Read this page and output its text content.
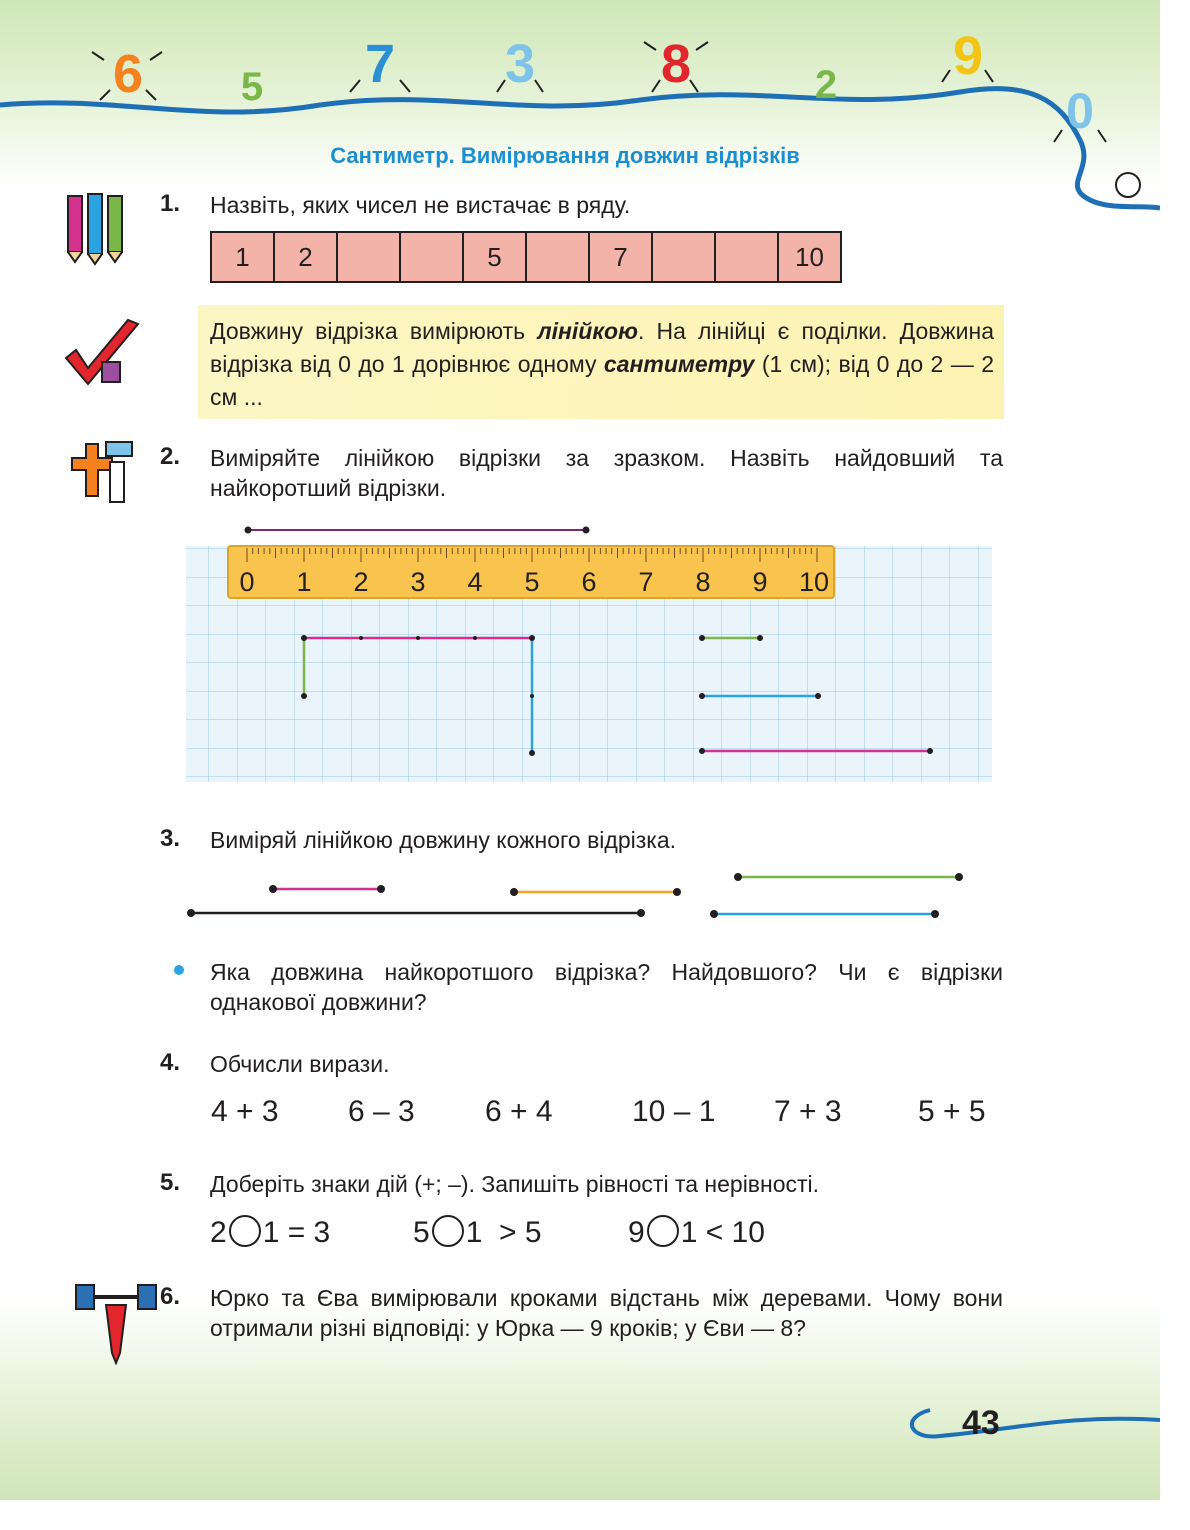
6 5 7 3 8	2 9
0
Сантиметр. Вимірювання довжин відрізків
1. Назвіть, яких чисел не вистачає в ряду.
1	2			5		7			10
Довжину відрізка вимірюють лінійкою. На лінійці є поділки. Довжина відрізка від 0 до 1 дорівнює одному сантиметру (1 см); від 0 до 2 — 2 см ...
2. Виміряйте лінійкою відрізки за зразком. Назвіть найдовший та найкоротший відрізки.
0 1 2 3 4 5 6 7 8 9 10
3. Виміряй лінійкою довжину кожного відрізка.
Яка довжина найкоротшого відрізка? Найдовшого? Чи є відрізки однакової довжини?
4. Обчисли вирази.
4 + 3 6 – 3 6 + 4	10 – 1 7 + 3	5 + 5
5. Доберіть знаки дій (+; –). Запишіть рівності та нерівності.
2 1 = 3	5 1  > 5	9 1 < 10
6. Юрко та Єва вимірювали кроками відстань між деревами. Чому вони отримали різні відповіді: у Юрка — 9 кроків; у Єви — 8?
43
